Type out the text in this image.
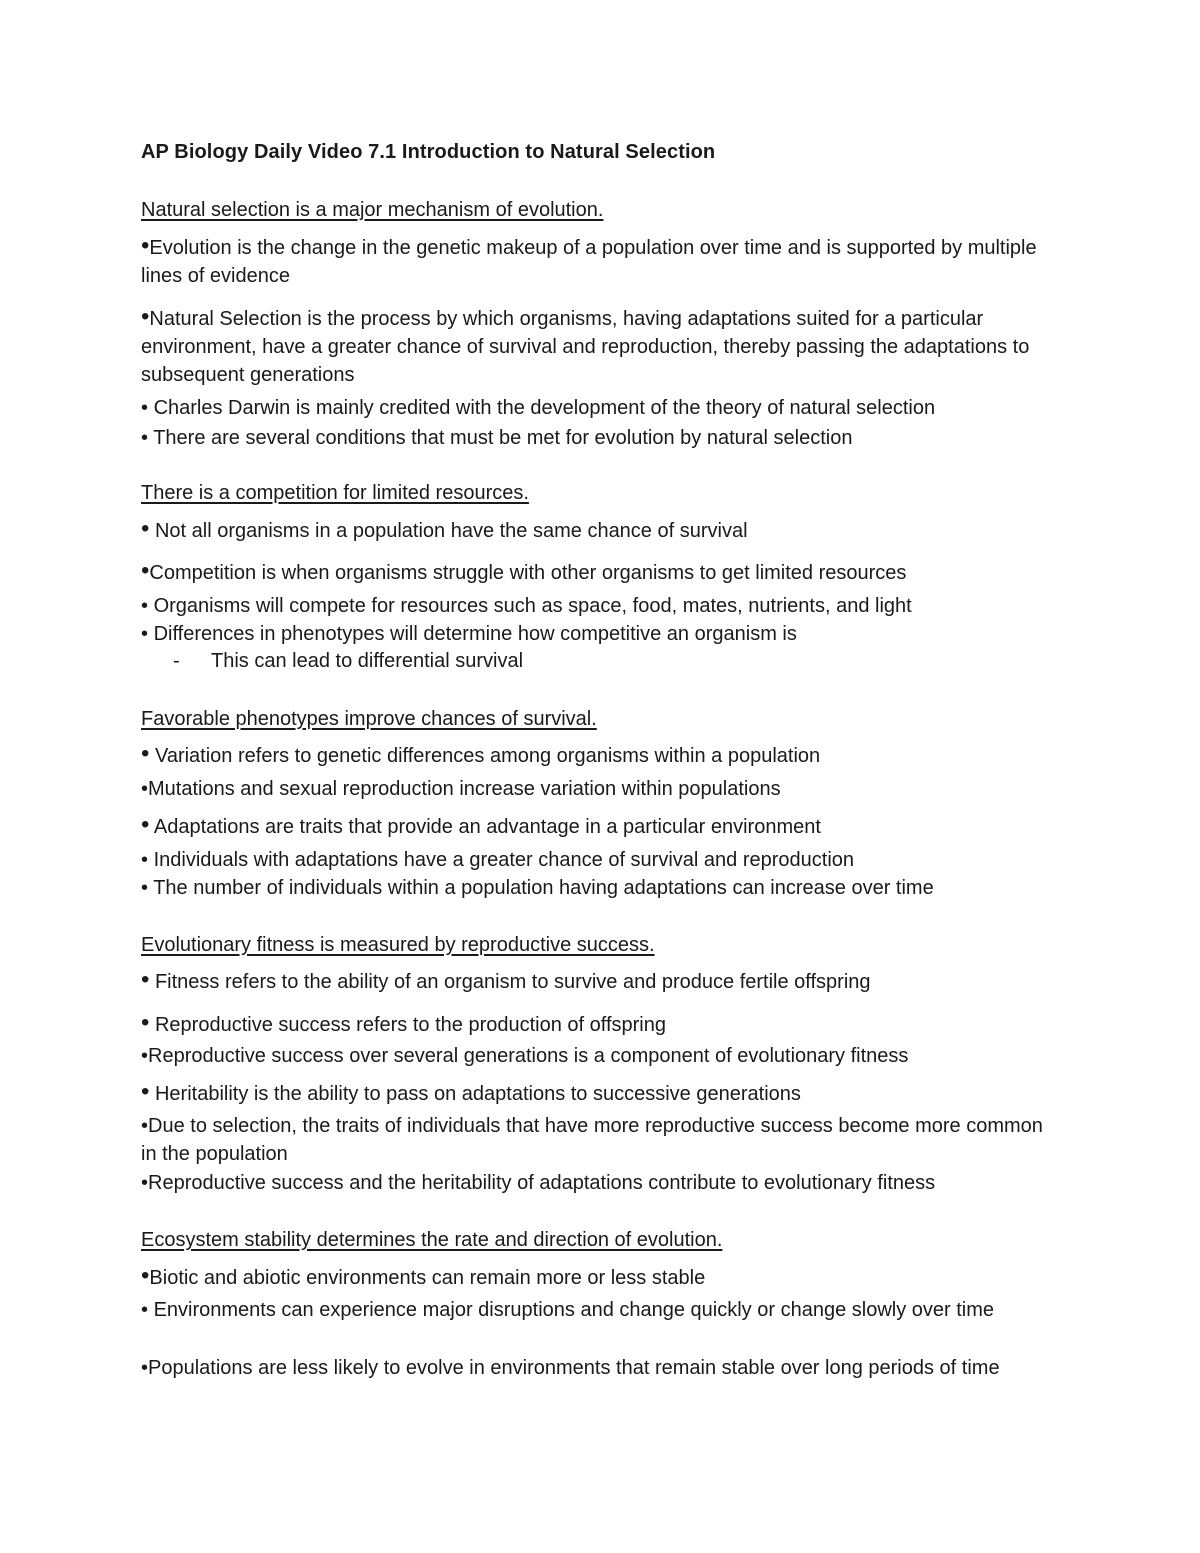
AP Biology Daily Video 7.1 Introduction to Natural Selection
Natural selection is a major mechanism of evolution.
•Evolution is the change in the genetic makeup of a population over time and is supported by multiple lines of evidence
•Natural Selection is the process by which organisms, having adaptations suited for a particular environment, have a greater chance of survival and reproduction, thereby passing the adaptations to subsequent generations
• Charles Darwin is mainly credited with the development of the theory of natural selection
• There are several conditions that must be met for evolution by natural selection
There is a competition for limited resources.
• Not all organisms in a population have the same chance of survival
•Competition is when organisms struggle with other organisms to get limited resources
• Organisms will compete for resources such as space, food, mates, nutrients, and light
• Differences in phenotypes will determine how competitive an organism is
- This can lead to differential survival
Favorable phenotypes improve chances of survival.
• Variation refers to genetic differences among organisms within a population
•Mutations and sexual reproduction increase variation within populations
• Adaptations are traits that provide an advantage in a particular environment
• Individuals with adaptations have a greater chance of survival and reproduction
• The number of individuals within a population having adaptations can increase over time
Evolutionary fitness is measured by reproductive success.
• Fitness refers to the ability of an organism to survive and produce fertile offspring
• Reproductive success refers to the production of offspring
•Reproductive success over several generations is a component of evolutionary fitness
• Heritability is the ability to pass on adaptations to successive generations
•Due to selection, the traits of individuals that have more reproductive success become more common in the population
•Reproductive success and the heritability of adaptations contribute to evolutionary fitness
Ecosystem stability determines the rate and direction of evolution.
•Biotic and abiotic environments can remain more or less stable
• Environments can experience major disruptions and change quickly or change slowly over time
•Populations are less likely to evolve in environments that remain stable over long periods of time
